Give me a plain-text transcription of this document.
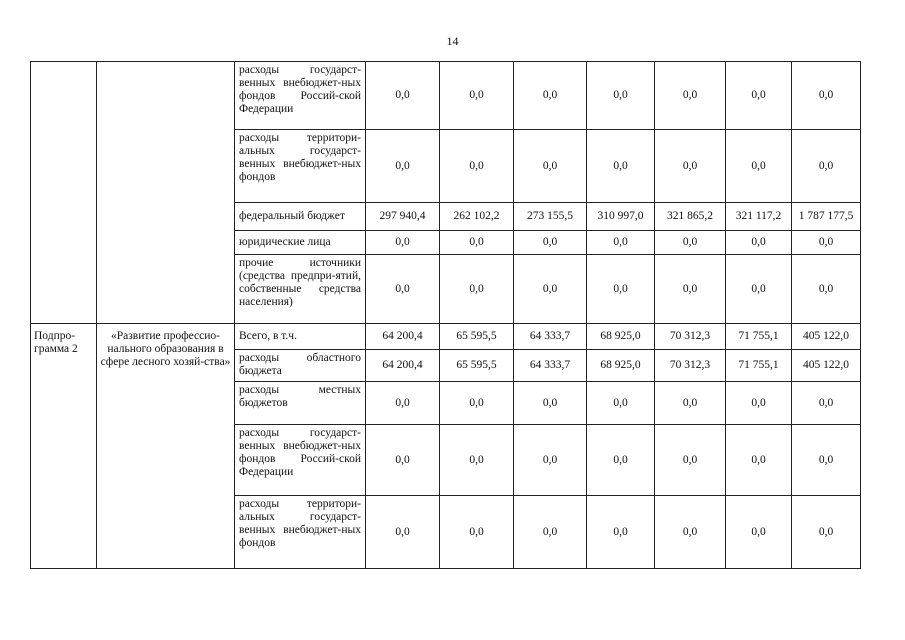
14
		расходы государст-венных внебюджет-ных фондов Россий-ской Федерации	0,0	0,0	0,0	0,0	0,0	0,0	0,0
		расходы территори-альных государст-венных внебюджет-ных фондов	0,0	0,0	0,0	0,0	0,0	0,0	0,0
		федеральный бюджет	297 940,4	262 102,2	273 155,5	310 997,0	321 865,2	321 117,2	1 787 177,5
		юридические лица	0,0	0,0	0,0	0,0	0,0	0,0	0,0
		прочие источники (средства предпри-ятий, собственные средства населения)	0,0	0,0	0,0	0,0	0,0	0,0	0,0
Подпро-грамма 2	«Развитие профессио-нального образования в сфере лесного хозяй-ства»	Всего, в т.ч.	64 200,4	65 595,5	64 333,7	68 925,0	70 312,3	71 755,1	405 122,0
		расходы областного бюджета	64 200,4	65 595,5	64 333,7	68 925,0	70 312,3	71 755,1	405 122,0
		расходы местных бюджетов	0,0	0,0	0,0	0,0	0,0	0,0	0,0
		расходы государст-венных внебюджет-ных фондов Россий-ской Федерации	0,0	0,0	0,0	0,0	0,0	0,0	0,0
		расходы территори-альных государст-венных внебюджет-ных фондов	0,0	0,0	0,0	0,0	0,0	0,0	0,0
